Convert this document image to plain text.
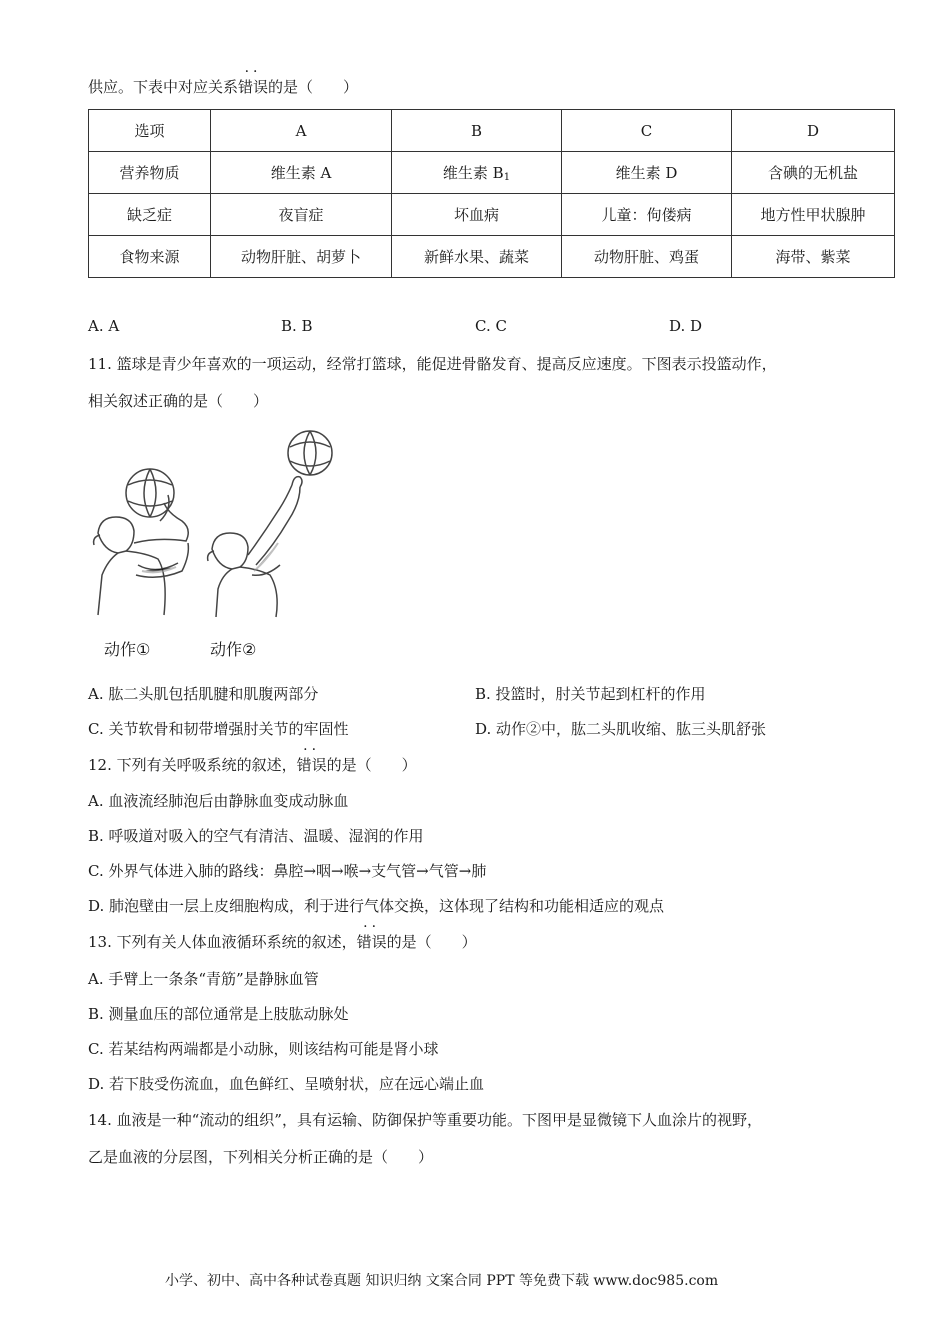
供应。下表中对应关系·· 错误的是（　　）
选项	A	B	C	D
营养物质	维生素 A	维生素 $B_1$	维生素 D	含碘的无机盐
缺乏症	夜盲症	坏血病	儿童：佝偻病	地方性甲状腺肿
食物来源	动物肝脏、胡萝卜	新鲜水果、蔬菜	动物肝脏、鸡蛋	海带、紫菜
A. A	B. B	C. C	D. D
11. 篮球是青少年喜欢的一项运动，经常打篮球，能促进骨骼发育、提高反应速度。下图表示投篮动作，
相关叙述正确的是（　　）
动作①	动作②
A. 肱二头肌包括肌腱和肌腹两部分	B. 投篮时，肘关节起到杠杆的作用
C. 关节软骨和韧带增强肘关节的牢固性	D. 动作②中，肱二头肌收缩、肱三头肌舒张
12. 下列有关呼吸系统的叙述，·· 错误的是（　　）
A. 血液流经肺泡后由静脉血变成动脉血
B. 呼吸道对吸入的空气有清洁、温暖、湿润的作用
C. 外界气体进入肺的路线：鼻腔→咽→喉→支气管→气管→肺
D. 肺泡壁由一层上皮细胞构成，利于进行气体交换，这体现了结构和功能相适应的观点
13. 下列有关人体血液循环系统的叙述，·· 错误的是（　　）
A. 手臂上一条条“青筋”是静脉血管
B. 测量血压的部位通常是上肢肱动脉处
C. 若某结构两端都是小动脉，则该结构可能是肾小球
D. 若下肢受伤流血，血色鲜红、呈喷射状，应在远心端止血
14. 血液是一种“流动的组织”，具有运输、防御保护等重要功能。下图甲是显微镜下人血涂片的视野，
乙是血液的分层图，下列相关分析正确的是（　　）
小学、初中、高中各种试卷真题 知识归纳 文案合同 PPT 等免费下载 www.doc985.com
